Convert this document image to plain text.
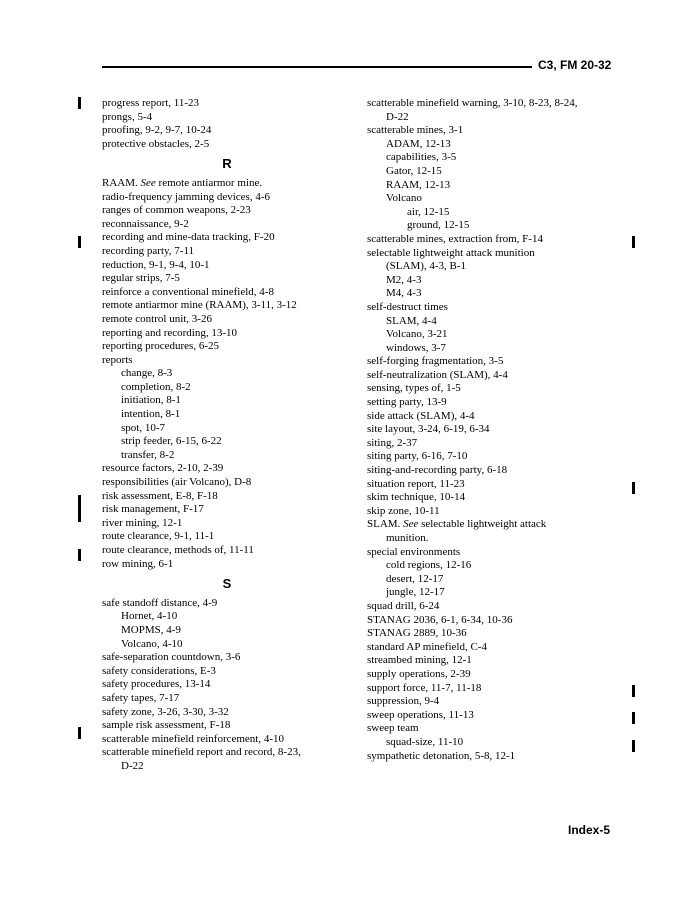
C3, FM 20-32
progress report, 11-23
prongs, 5-4
proofing, 9-2, 9-7, 10-24
protective obstacles, 2-5
R
RAAM. See remote antiarmor mine.
radio-frequency jamming devices, 4-6
ranges of common weapons, 2-23
reconnaissance, 9-2
recording and mine-data tracking, F-20
recording party, 7-11
reduction, 9-1, 9-4, 10-1
regular strips, 7-5
reinforce a conventional minefield, 4-8
remote antiarmor mine (RAAM), 3-11, 3-12
remote control unit, 3-26
reporting and recording, 13-10
reporting procedures, 6-25
reports
change, 8-3
completion, 8-2
initiation, 8-1
intention, 8-1
spot, 10-7
strip feeder, 6-15, 6-22
transfer, 8-2
resource factors, 2-10, 2-39
responsibilities (air Volcano), D-8
risk assessment, E-8, F-18
risk management, F-17
river mining, 12-1
route clearance, 9-1, 11-1
route clearance, methods of, 11-11
row mining, 6-1
S
safe standoff distance, 4-9
Hornet, 4-10
MOPMS, 4-9
Volcano, 4-10
safe-separation countdown, 3-6
safety considerations, E-3
safety procedures, 13-14
safety tapes, 7-17
safety zone, 3-26, 3-30, 3-32
sample risk assessment, F-18
scatterable minefield reinforcement, 4-10
scatterable minefield report and record, 8-23,
D-22
scatterable minefield warning, 3-10, 8-23, 8-24,
D-22
scatterable mines, 3-1
ADAM, 12-13
capabilities, 3-5
Gator, 12-15
RAAM, 12-13
Volcano
air, 12-15
ground, 12-15
scatterable mines, extraction from, F-14
selectable lightweight attack munition
(SLAM), 4-3, B-1
M2, 4-3
M4, 4-3
self-destruct times
SLAM, 4-4
Volcano, 3-21
windows, 3-7
self-forging fragmentation, 3-5
self-neutralization (SLAM), 4-4
sensing, types of, 1-5
setting party, 13-9
side attack (SLAM), 4-4
site layout, 3-24, 6-19, 6-34
siting, 2-37
siting party, 6-16, 7-10
siting-and-recording party, 6-18
situation report, 11-23
skim technique, 10-14
skip zone, 10-11
SLAM. See selectable lightweight attack
munition.
special environments
cold regions, 12-16
desert, 12-17
jungle, 12-17
squad drill, 6-24
STANAG 2036, 6-1, 6-34, 10-36
STANAG 2889, 10-36
standard AP minefield, C-4
streambed mining, 12-1
supply operations, 2-39
support force, 11-7, 11-18
suppression, 9-4
sweep operations, 11-13
sweep team
squad-size, 11-10
sympathetic detonation, 5-8, 12-1
Index-5
